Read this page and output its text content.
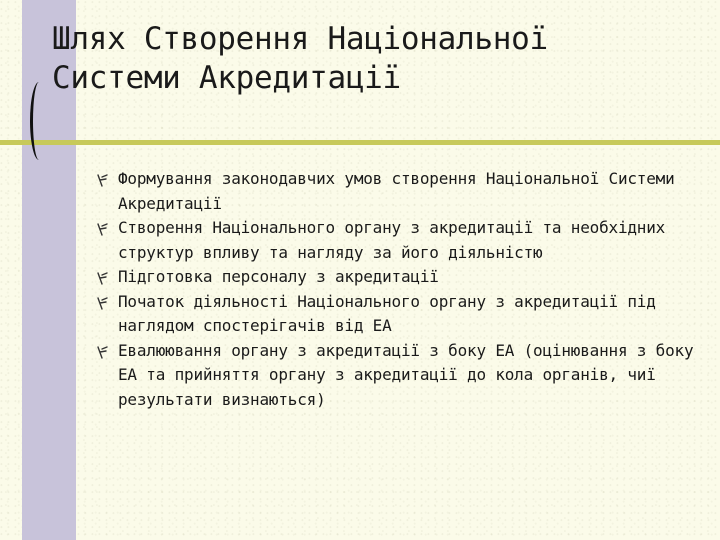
Шлях Створення Національної
Системи Акредитації
Формування законодавчих умов створення Національної Системи Акредитації
Створення Національного органу з акредитації та необхідних структур впливу та нагляду за його діяльністю
Підготовка персоналу з акредитації
Початок діяльності Національного органу з акредитації під наглядом спостерігачів від ЕА
Евалюювання органу з акредитації з боку ЕА (оцінювання з боку ЕА та прийняття органу з акредитації до кола органів, чиї результати визнаються)
